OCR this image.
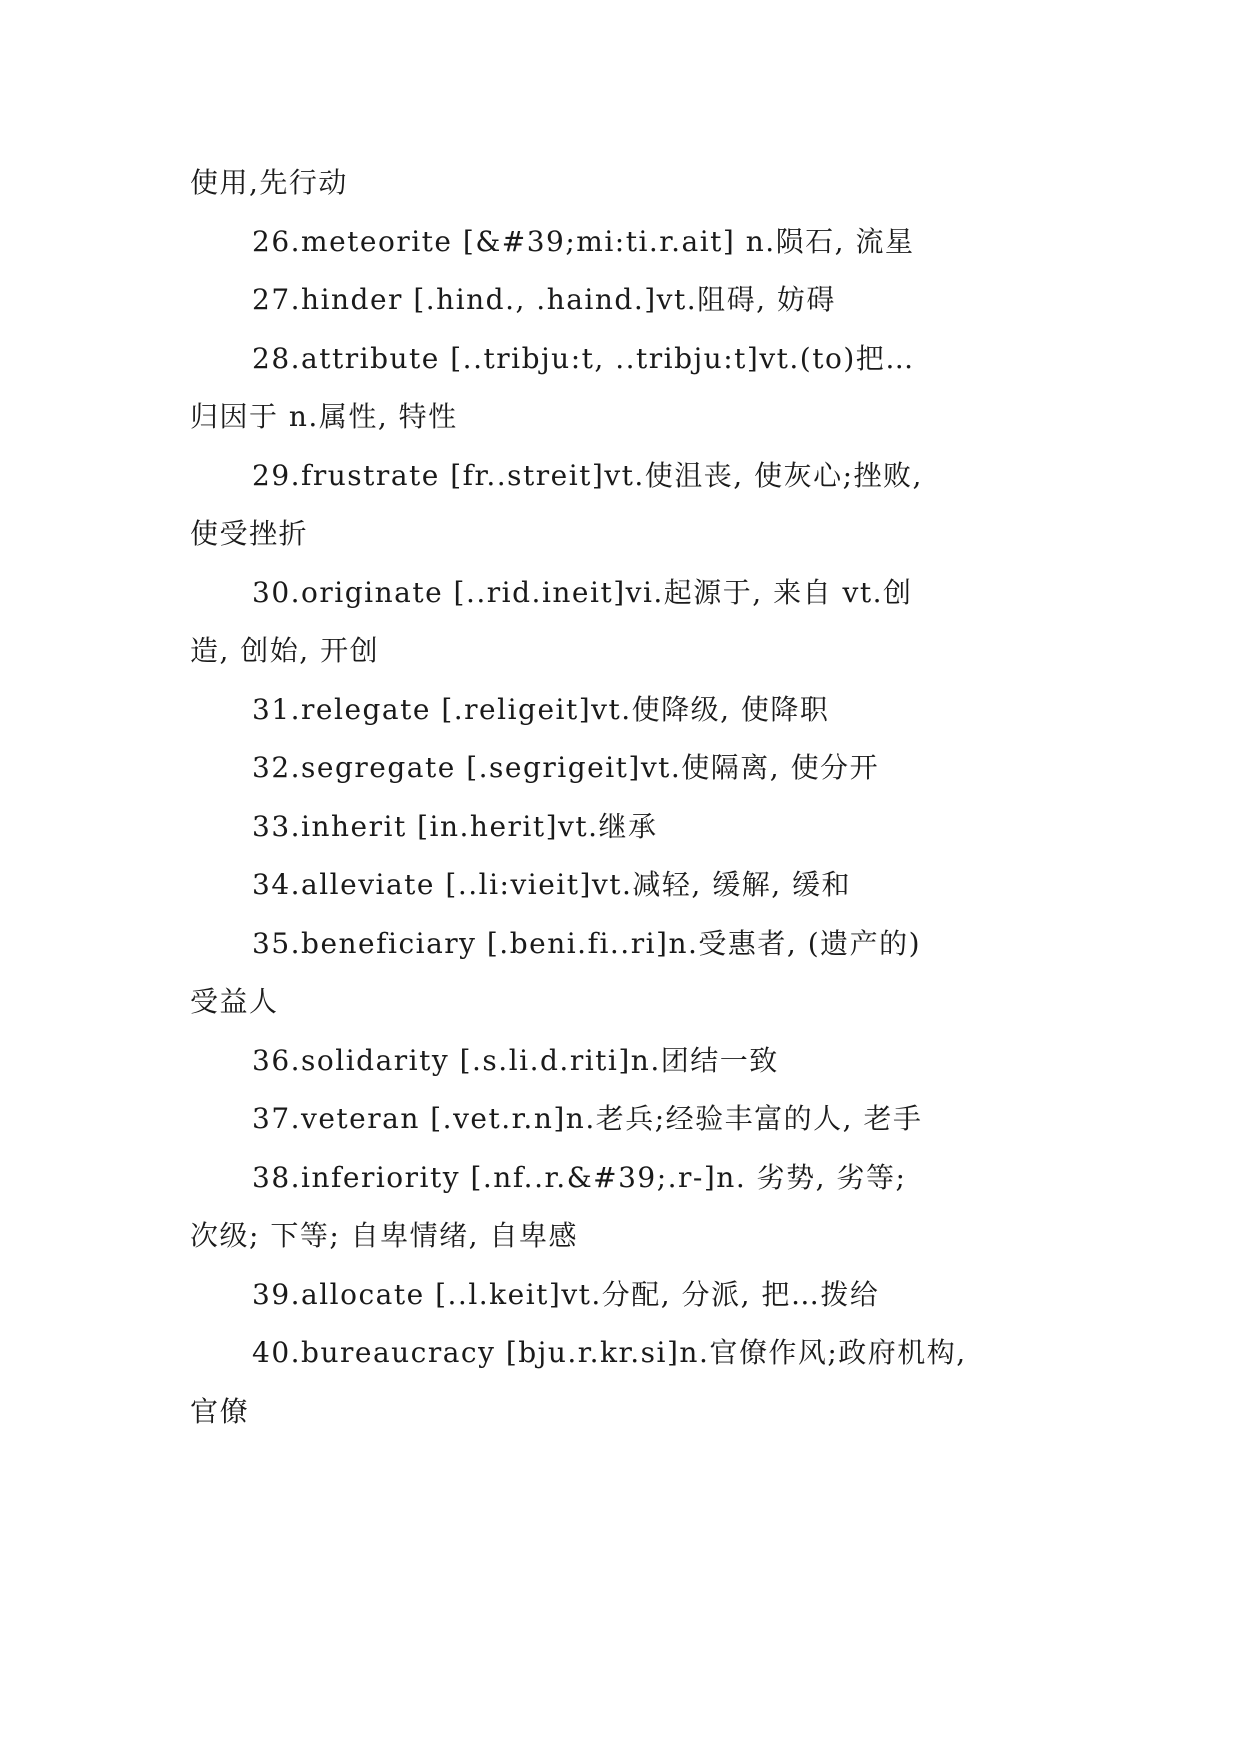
使用,先行动
26.meteorite [&#39;mi:ti.r.ait] n.陨石, 流星
27.hinder [.hind., .haind.]vt.阻碍, 妨碍
28.attribute [..tribju:t, ..tribju:t]vt.(to)把…
归因于 n.属性, 特性
29.frustrate [fr..streit]vt.使沮丧, 使灰心;挫败,
使受挫折
30.originate [..rid.ineit]vi.起源于, 来自 vt.创
造, 创始, 开创
31.relegate [.religeit]vt.使降级, 使降职
32.segregate [.segrigeit]vt.使隔离, 使分开
33.inherit [in.herit]vt.继承
34.alleviate [..li:vieit]vt.减轻, 缓解, 缓和
35.beneficiary [.beni.fi..ri]n.受惠者, (遗产的)
受益人
36.solidarity [.s.li.d.riti]n.团结一致
37.veteran [.vet.r.n]n.老兵;经验丰富的人, 老手
38.inferiority [.nf..r.&#39;.r-]n. 劣势, 劣等;
次级; 下等; 自卑情绪, 自卑感
39.allocate [..l.keit]vt.分配, 分派, 把…拨给
40.bureaucracy [bju.r.kr.si]n.官僚作风;政府机构,
官僚
